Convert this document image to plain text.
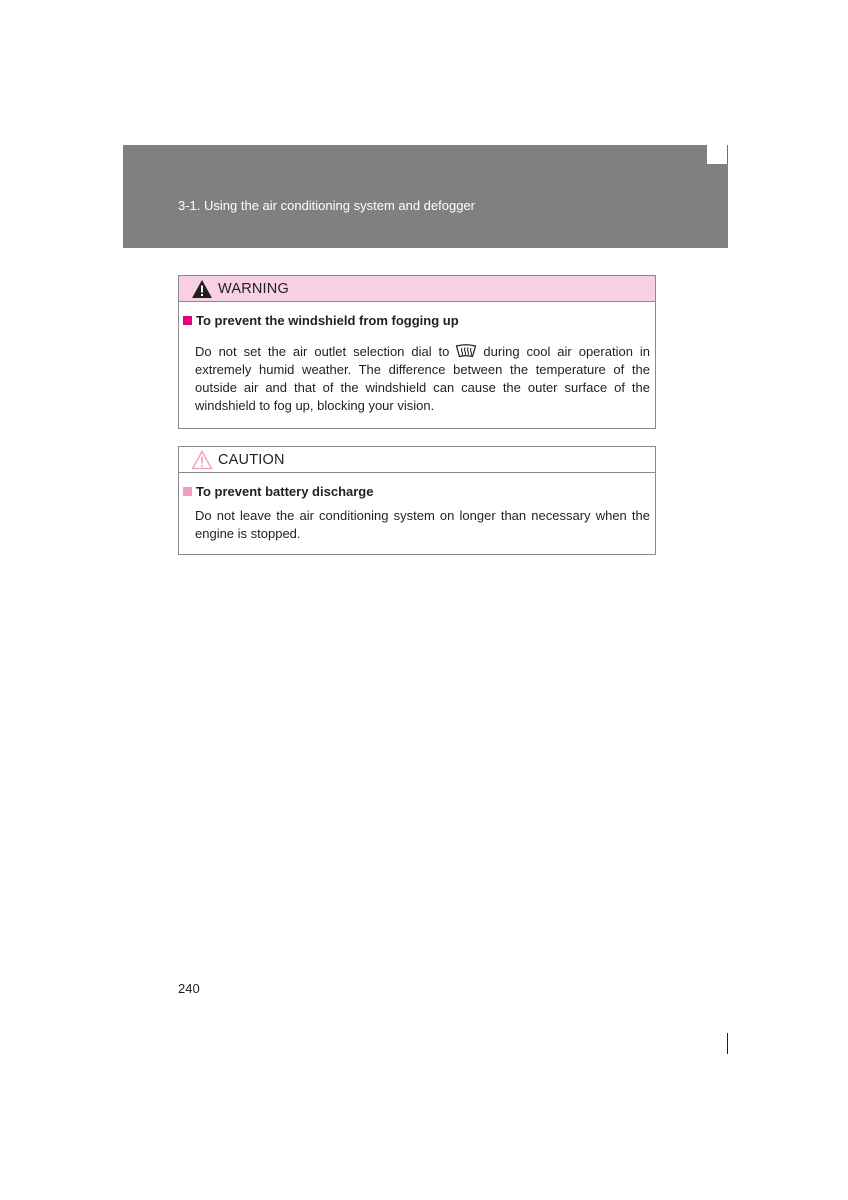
3-1. Using the air conditioning system and defogger
WARNING
To prevent the windshield from fogging up
Do not set the air outlet selection dial to	during cool air operation in extremely humid weather. The difference between the temperature of the outside air and that of the windshield can cause the outer surface of the windshield to fog up, blocking your vision.
CAUTION
To prevent battery discharge
Do not leave the air conditioning system on longer than necessary when the engine is stopped.
240
